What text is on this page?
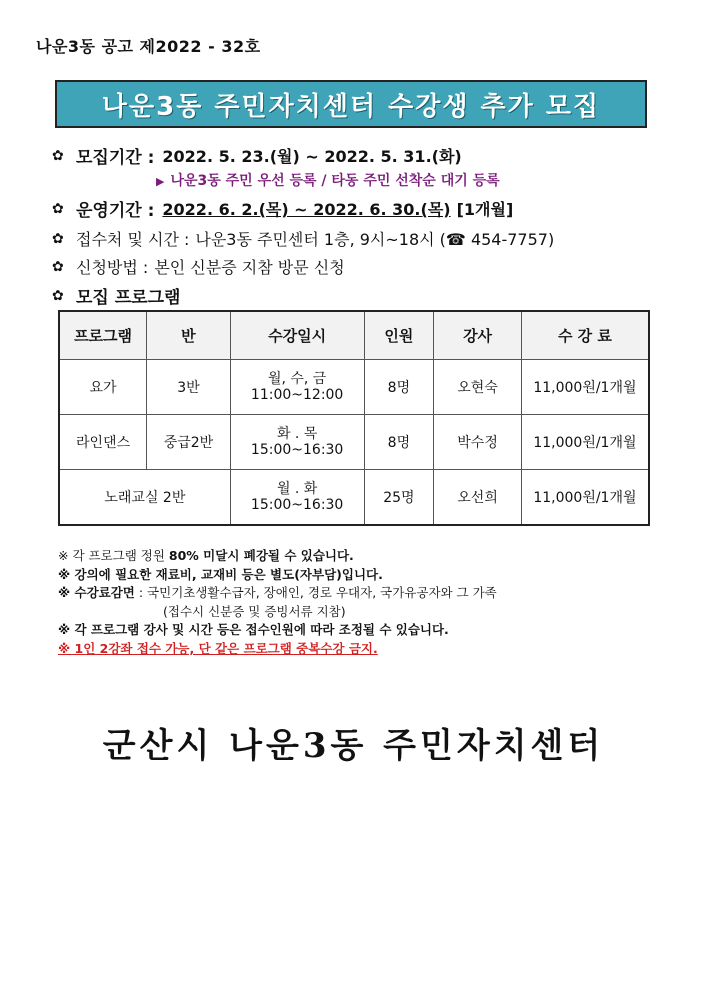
나운3동 공고 제2022 - 32호
나운3동 주민자치센터 수강생 추가 모집
✿ 모집기간 : 2022. 5. 23.(월) ~ 2022. 5. 31.(화)
▶ 나운3동 주민 우선 등록 / 타동 주민 선착순 대기 등록
✿ 운영기간 : 2022. 6. 2.(목) ∼ 2022. 6. 30.(목) [1개월]
✿ 접수처 및 시간 : 나운3동 주민센터 1층, 9시~18시 (☎ 454-7757)
✿ 신청방법 : 본인 신분증 지참 방문 신청
✿ 모집 프로그램
프로그램	반	수강일시	인원	강사	수 강 료
요가	3반	월, 수, 금
11:00~12:00	8명	오현숙	11,000원/1개월
라인댄스	중급2반	화 . 목
15:00~16:30	8명	박수정	11,000원/1개월
노래교실 2반		월 . 화
15:00~16:30	25명	오선희	11,000원/1개월
※ 각 프로그램 정원 80% 미달시 폐강될 수 있습니다.
※ 강의에 필요한 재료비, 교재비 등은 별도(자부담)입니다.
※ 수강료감면 : 국민기초생활수급자, 장애인, 경로 우대자, 국가유공자와 그 가족
(접수시 신분증 및 증빙서류 지참)
※ 각 프로그램 강사 및 시간 등은 접수인원에 따라 조정될 수 있습니다.
※ 1인 2강좌 접수 가능, 단 같은 프로그램 중복수강 금지.
군산시 나운3동 주민자치센터
